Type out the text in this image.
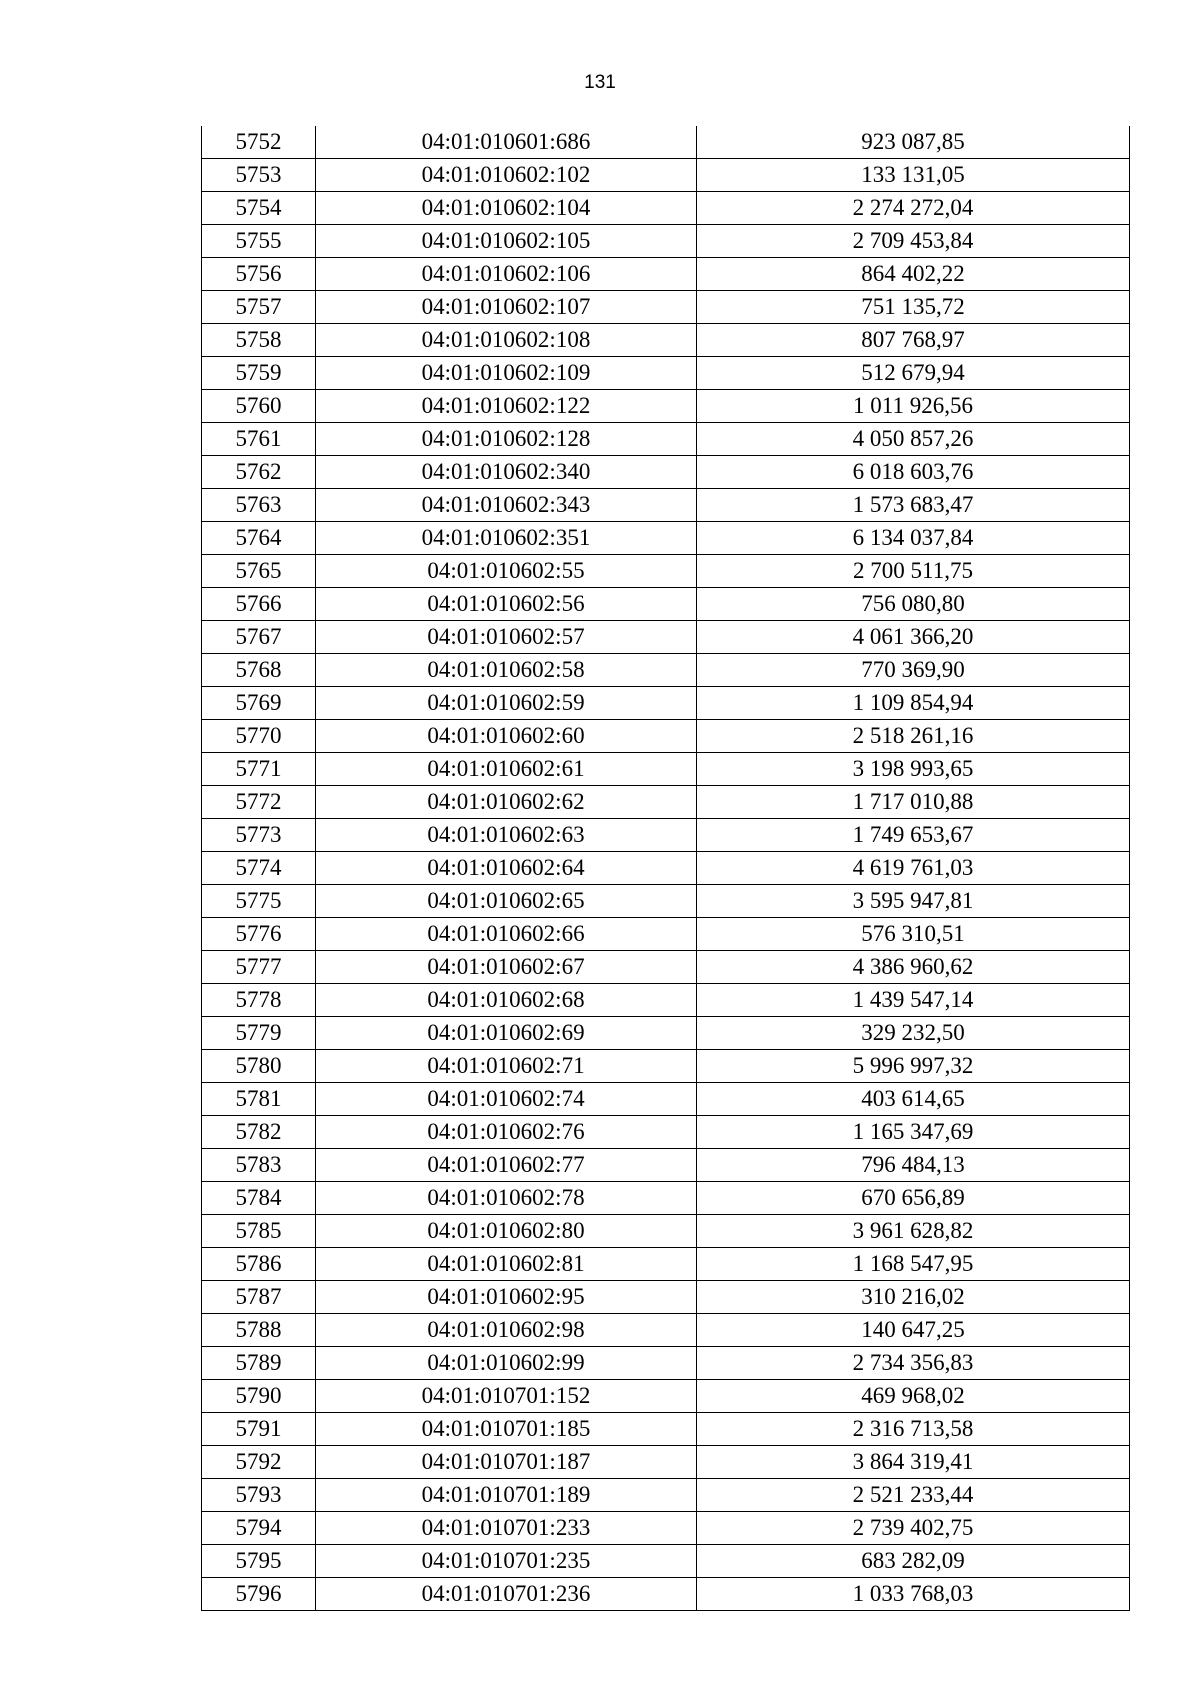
131
5752	04:01:010601:686	923 087,85
5753	04:01:010602:102	133 131,05
5754	04:01:010602:104	2 274 272,04
5755	04:01:010602:105	2 709 453,84
5756	04:01:010602:106	864 402,22
5757	04:01:010602:107	751 135,72
5758	04:01:010602:108	807 768,97
5759	04:01:010602:109	512 679,94
5760	04:01:010602:122	1 011 926,56
5761	04:01:010602:128	4 050 857,26
5762	04:01:010602:340	6 018 603,76
5763	04:01:010602:343	1 573 683,47
5764	04:01:010602:351	6 134 037,84
5765	04:01:010602:55	2 700 511,75
5766	04:01:010602:56	756 080,80
5767	04:01:010602:57	4 061 366,20
5768	04:01:010602:58	770 369,90
5769	04:01:010602:59	1 109 854,94
5770	04:01:010602:60	2 518 261,16
5771	04:01:010602:61	3 198 993,65
5772	04:01:010602:62	1 717 010,88
5773	04:01:010602:63	1 749 653,67
5774	04:01:010602:64	4 619 761,03
5775	04:01:010602:65	3 595 947,81
5776	04:01:010602:66	576 310,51
5777	04:01:010602:67	4 386 960,62
5778	04:01:010602:68	1 439 547,14
5779	04:01:010602:69	329 232,50
5780	04:01:010602:71	5 996 997,32
5781	04:01:010602:74	403 614,65
5782	04:01:010602:76	1 165 347,69
5783	04:01:010602:77	796 484,13
5784	04:01:010602:78	670 656,89
5785	04:01:010602:80	3 961 628,82
5786	04:01:010602:81	1 168 547,95
5787	04:01:010602:95	310 216,02
5788	04:01:010602:98	140 647,25
5789	04:01:010602:99	2 734 356,83
5790	04:01:010701:152	469 968,02
5791	04:01:010701:185	2 316 713,58
5792	04:01:010701:187	3 864 319,41
5793	04:01:010701:189	2 521 233,44
5794	04:01:010701:233	2 739 402,75
5795	04:01:010701:235	683 282,09
5796	04:01:010701:236	1 033 768,03
